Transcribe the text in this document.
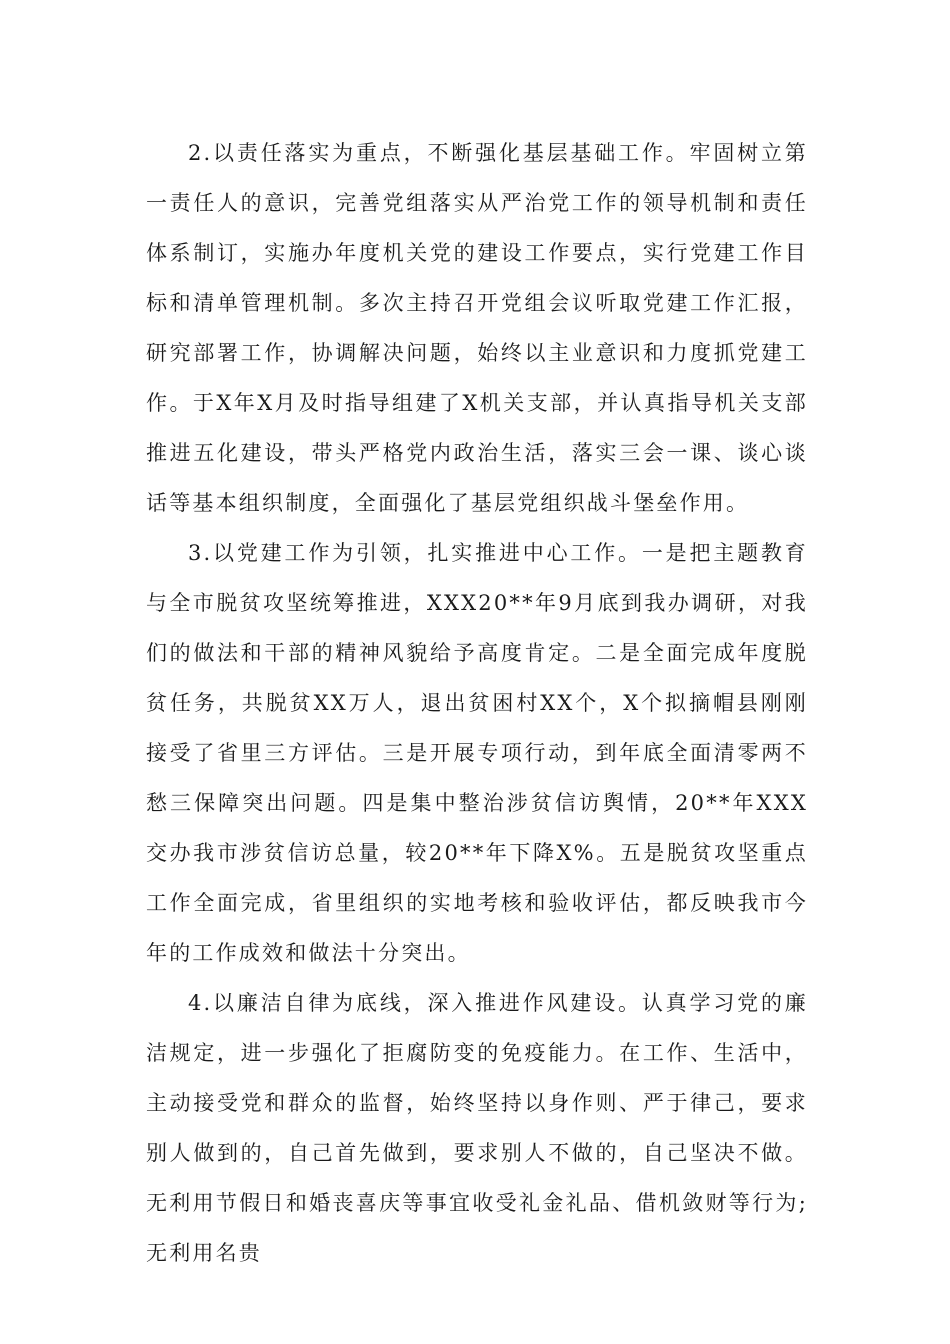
2.以责任落实为重点，不断强化基层基础工作。牢固树立第一责任人的意识，完善党组落实从严治党工作的领导机制和责任体系制订，实施办年度机关党的建设工作要点，实行党建工作目标和清单管理机制。多次主持召开党组会议听取党建工作汇报，研究部署工作，协调解决问题，始终以主业意识和力度抓党建工作。于X年X月及时指导组建了X机关支部，并认真指导机关支部推进五化建设，带头严格党内政治生活，落实三会一课、谈心谈话等基本组织制度，全面强化了基层党组织战斗堡垒作用。

3.以党建工作为引领，扎实推进中心工作。一是把主题教育与全市脱贫攻坚统筹推进，XXX20**年9月底到我办调研，对我们的做法和干部的精神风貌给予高度肯定。二是全面完成年度脱贫任务，共脱贫XX万人，退出贫困村XX个，X个拟摘帽县刚刚接受了省里三方评估。三是开展专项行动，到年底全面清零两不愁三保障突出问题。四是集中整治涉贫信访舆情，20**年XXX交办我市涉贫信访总量，较20**年下降X%。五是脱贫攻坚重点工作全面完成，省里组织的实地考核和验收评估，都反映我市今年的工作成效和做法十分突出。

4.以廉洁自律为底线，深入推进作风建设。认真学习党的廉洁规定，进一步强化了拒腐防变的免疫能力。在工作、生活中，主动接受党和群众的监督，始终坚持以身作则、严于律己，要求别人做到的，自己首先做到，要求别人不做的，自己坚决不做。无利用节假日和婚丧喜庆等事宜收受礼金礼品、借机敛财等行为;无利用名贵
